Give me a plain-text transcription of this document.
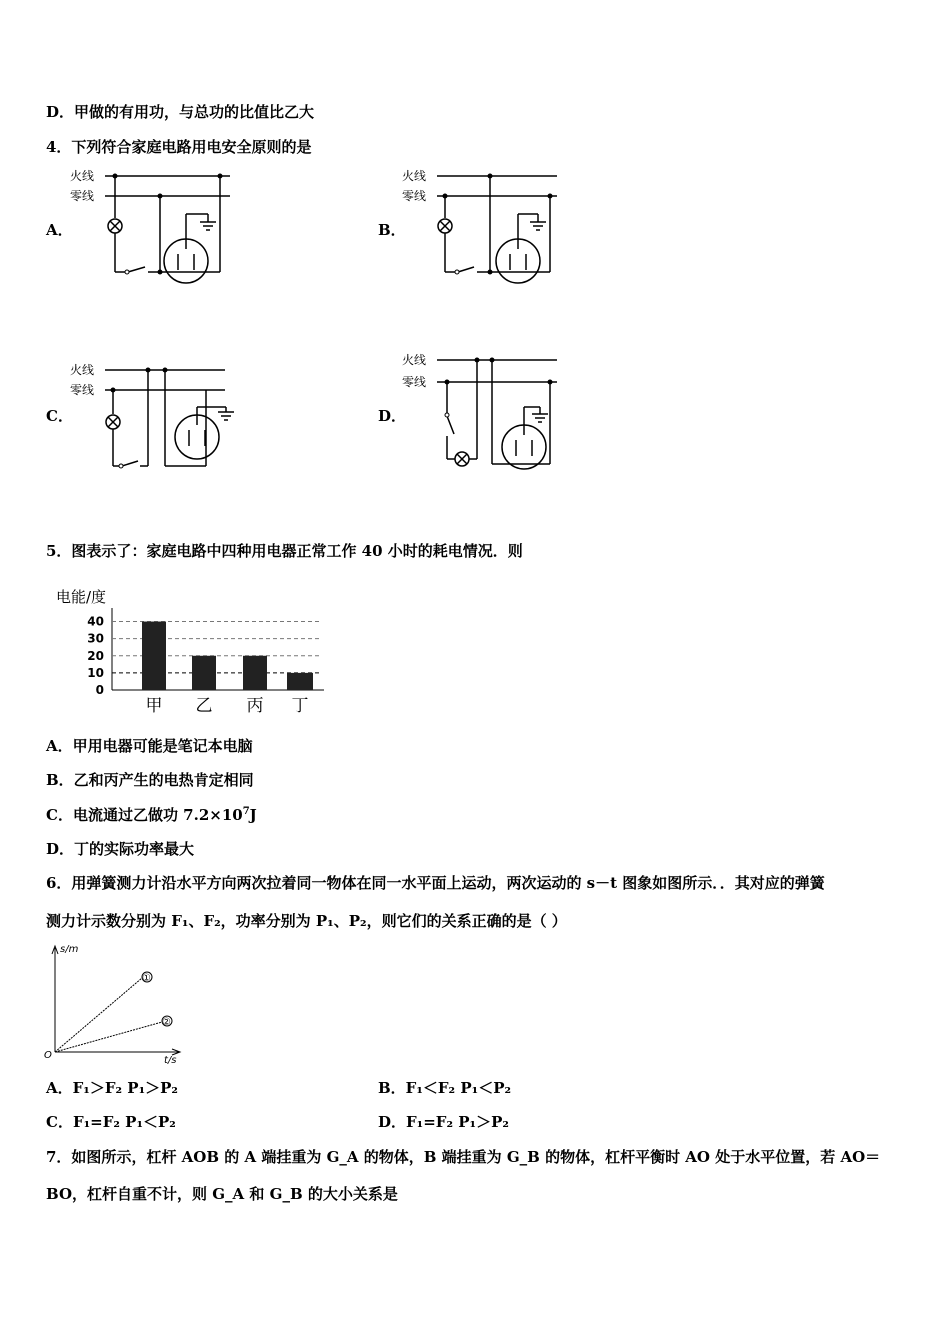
D．甲做的有用功，与总功的比值比乙大
4．下列符合家庭电路用电安全原则的是
A．	B．
C．	D．
火线
零线
火线
零线
火线
零线
火线
零线
5．图表示了：家庭电路中四种用电器正常工作 40 小时的耗电情况．则
电能/度
0
10
20
30
40
甲 乙 丙 丁
A．甲用电器可能是笔记本电脑
B．乙和丙产生的电热肯定相同
C．电流通过乙做功 $7.2\times 10^7J$
D．丁的实际功率最大
6．用弹簧测力计沿水平方向两次拉着同一物体在同一水平面上运动，两次运动的 s－t 图象如图所示．．其对应的弹簧
测力计示数分别为 F₁、F₂，功率分别为 P₁、P₂，则它们的关系正确的是（ ）
s/m
t/s
O
①
②
A．F₁＞F₂ P₁＞P₂	B．F₁＜F₂ P₁＜P₂
C．F₁=F₂ P₁＜P₂	D．F₁=F₂ P₁＞P₂
7．如图所示，杠杆 AOB 的 A 端挂重为 G_A 的物体，B 端挂重为 G_B 的物体，杠杆平衡时 AO 处于水平位置，若 AO＝
BO，杠杆自重不计，则 G_A 和 G_B 的大小关系是
